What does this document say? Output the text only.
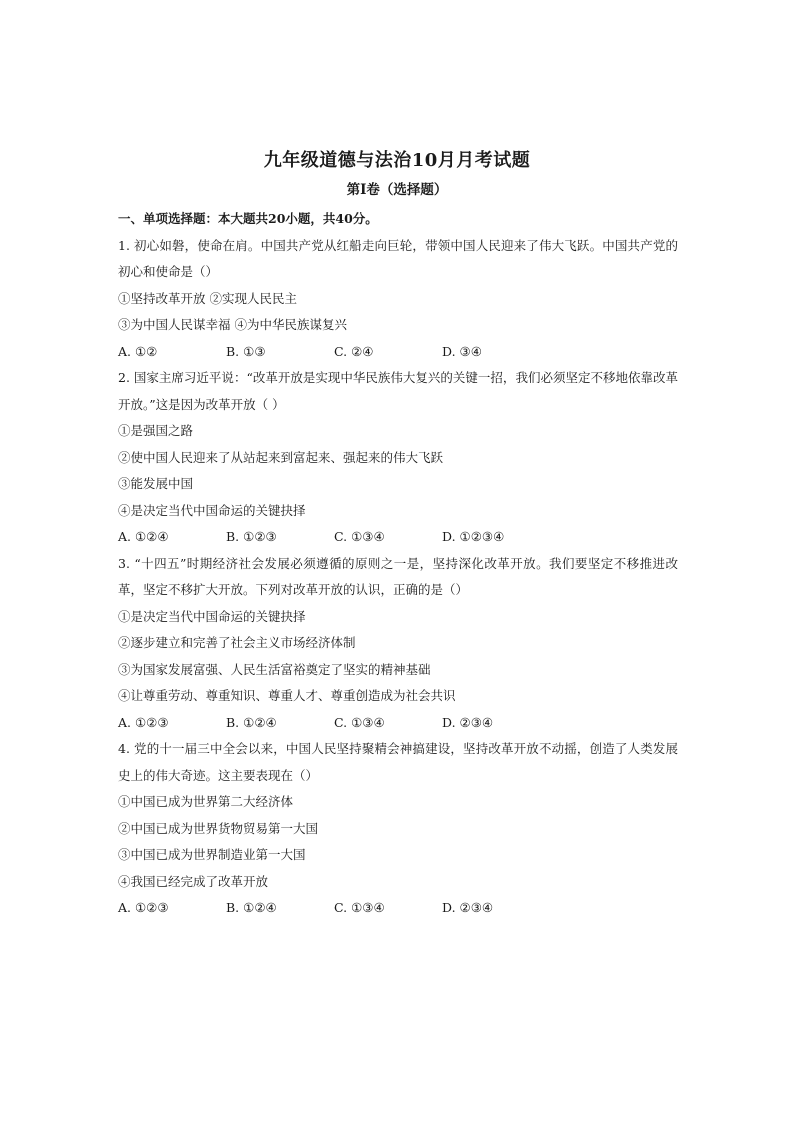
九年级道德与法治10月月考试题
第I卷（选择题）
一、单项选择题：本大题共20小题，共40分。
1. 初心如磐，使命在肩。中国共产党从红船走向巨轮，带领中国人民迎来了伟大飞跃。中国共产党的初心和使命是（）
①坚持改革开放 ②实现人民民主
③为中国人民谋幸福 ④为中华民族谋复兴
A. ①②	B. ①③	C. ②④	D. ③④
2. 国家主席习近平说：“改革开放是实现中华民族伟大复兴的关键一招，我们必须坚定不移地依靠改革开放。”这是因为改革开放（ ）
①是强国之路
②使中国人民迎来了从站起来到富起来、强起来的伟大飞跃
③能发展中国
④是决定当代中国命运的关键抉择
A. ①②④	B. ①②③	C. ①③④	D. ①②③④
3. “十四五”时期经济社会发展必须遵循的原则之一是，坚持深化改革开放。我们要坚定不移推进改革，坚定不移扩大开放。下列对改革开放的认识，正确的是（）
①是决定当代中国命运的关键抉择
②逐步建立和完善了社会主义市场经济体制
③为国家发展富强、人民生活富裕奠定了坚实的精神基础
④让尊重劳动、尊重知识、尊重人才、尊重创造成为社会共识
A. ①②③	B. ①②④	C. ①③④	D. ②③④
4. 党的十一届三中全会以来，中国人民坚持聚精会神搞建设，坚持改革开放不动摇，创造了人类发展史上的伟大奇迹。这主要表现在（）
①中国已成为世界第二大经济体
②中国已成为世界货物贸易第一大国
③中国已成为世界制造业第一大国
④我国已经完成了改革开放
A. ①②③	B. ①②④	C. ①③④	D. ②③④
